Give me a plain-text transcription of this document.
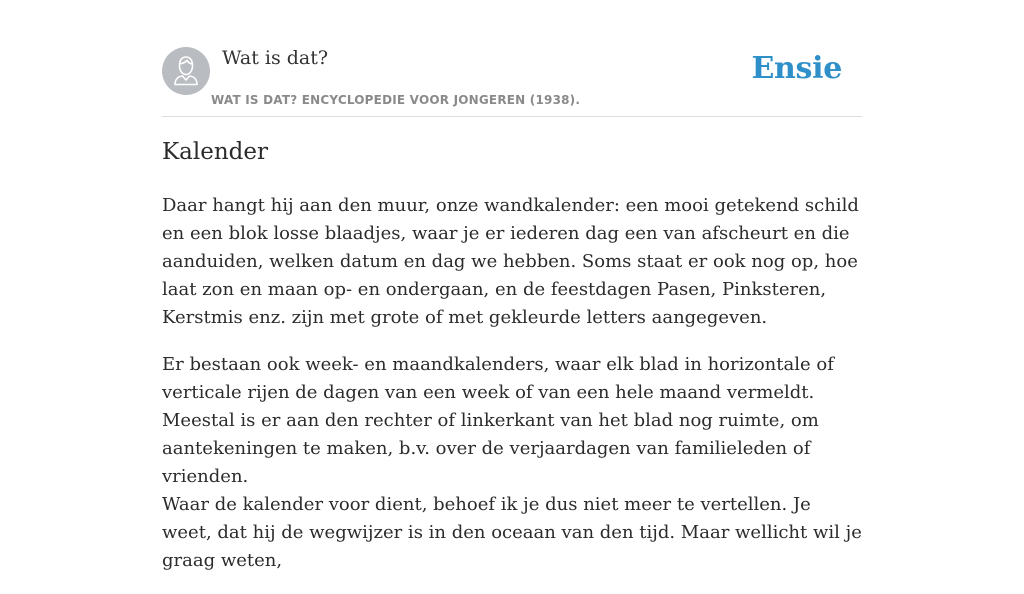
Wat is dat?
WAT IS DAT? ENCYCLOPEDIE VOOR JONGEREN (1938).
Ensie
Kalender

Daar hangt hij aan den muur, onze wandkalender: een mooi getekend schild en een blok losse blaadjes, waar je er iederen dag een van afscheurt en die aanduiden, welken datum en dag we hebben. Soms staat er ook nog op, hoe laat zon en maan op- en ondergaan, en de feestdagen Pasen, Pinksteren, Kerstmis enz. zijn met grote of met gekleurde letters aangegeven.

Er bestaan ook week- en maandkalenders, waar elk blad in horizontale of verticale rijen de dagen van een week of van een hele maand vermeldt. Meestal is er aan den rechter of linkerkant van het blad nog ruimte, om aantekeningen te maken, b.v. over de verjaardagen van familieleden of vrienden.
Waar de kalender voor dient, behoef ik je dus niet meer te vertellen. Je weet, dat hij de wegwijzer is in den oceaan van den tijd. Maar wellicht wil je graag weten,
